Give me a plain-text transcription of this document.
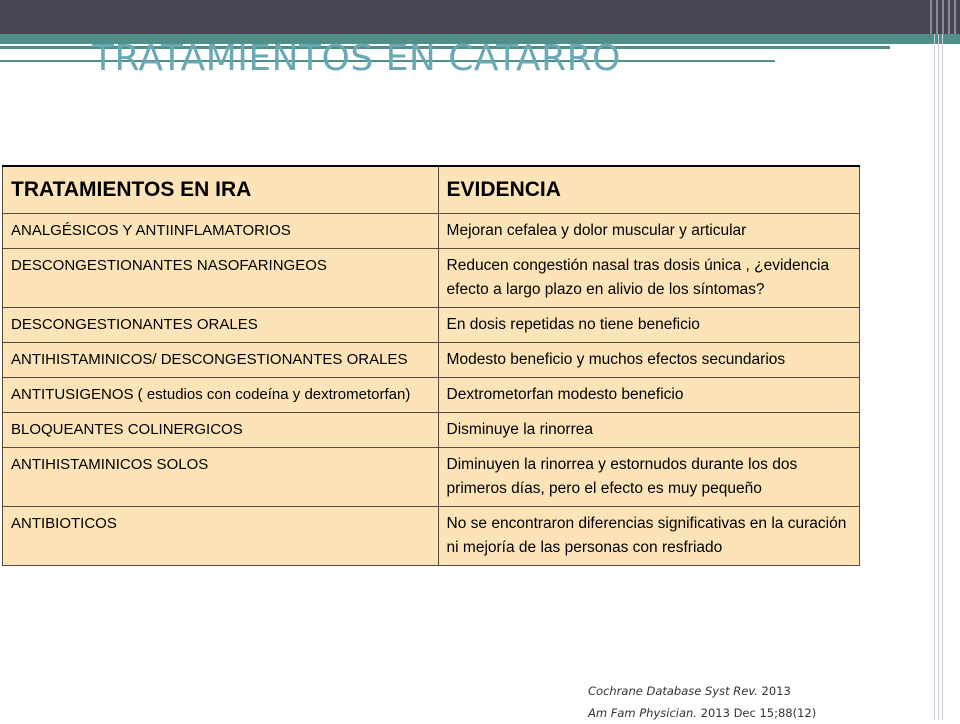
TRATAMIENTOS EN CATARRO
TRATAMIENTOS EN IRA	EVIDENCIA
ANALGÉSICOS Y ANTIINFLAMATORIOS	Mejoran cefalea y dolor muscular y articular
DESCONGESTIONANTES NASOFARINGEOS	Reducen congestión nasal tras dosis única , ¿evidencia efecto a largo plazo en alivio de los síntomas?
DESCONGESTIONANTES ORALES	En dosis repetidas no tiene beneficio
ANTIHISTAMINICOS/ DESCONGESTIONANTES ORALES	Modesto beneficio y muchos efectos secundarios
ANTITUSIGENOS ( estudios con codeína y dextrometorfan)	Dextrometorfan modesto beneficio
BLOQUEANTES COLINERGICOS	Disminuye la rinorrea
ANTIHISTAMINICOS SOLOS	Diminuyen la rinorrea y estornudos durante los dos primeros días, pero el efecto es muy pequeño
ANTIBIOTICOS	No se encontraron diferencias significativas en la curación ni mejoría de las personas con resfriado
Cochrane Database Syst Rev. 2013
Am Fam Physician. 2013 Dec 15;88(12)
